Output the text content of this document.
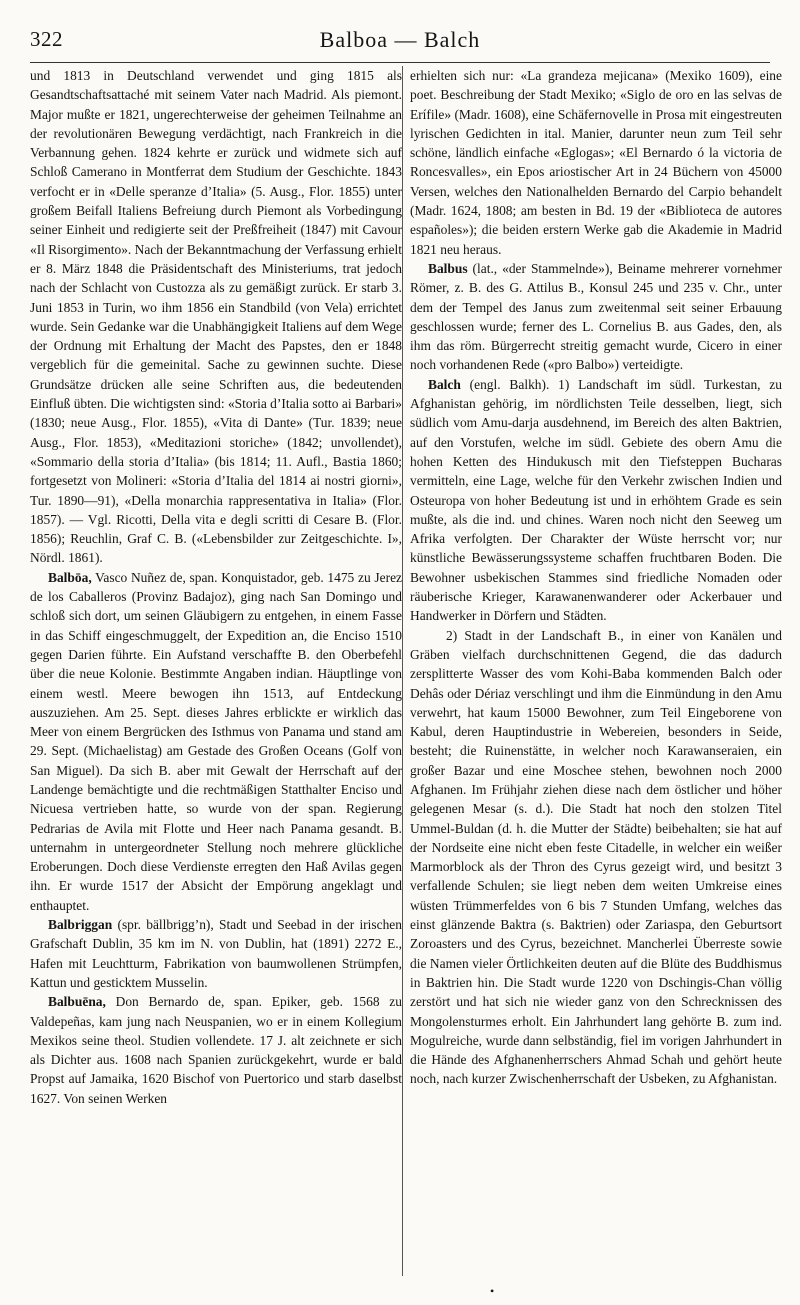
322	Balboa — Balch

und 1813 in Deutschland verwendet und ging 1815 als Gesandtschaftsattaché mit seinem Vater nach Madrid. Als piemont. Major mußte er 1821, ungerechterweise der geheimen Teilnahme an der revolutionären Bewegung verdächtigt, nach Frankreich in die Verbannung gehen. 1824 kehrte er zurück und widmete sich auf Schloß Camerano in Montferrat dem Studium der Geschichte. 1843 verfocht er in «Delle speranze d’Italia» (5. Ausg., Flor. 1855) unter großem Beifall Italiens Befreiung durch Piemont als Vorbedingung seiner Einheit und redigierte seit der Preßfreiheit (1847) mit Cavour «Il Risorgimento». Nach der Bekanntmachung der Verfassung erhielt er 8. März 1848 die Präsidentschaft des Ministeriums, trat jedoch nach der Schlacht von Custozza als zu gemäßigt zurück. Er starb 3. Juni 1853 in Turin, wo ihm 1856 ein Standbild (von Vela) errichtet wurde. Sein Gedanke war die Unabhängigkeit Italiens auf dem Wege der Ordnung mit Erhaltung der Macht des Papstes, den er 1848 vergeblich für die gemeinital. Sache zu gewinnen suchte. Diese Grundsätze drücken alle seine Schriften aus, die bedeutenden Einfluß übten. Die wichtigsten sind: «Storia d’Italia sotto ai Barbari» (1830; neue Ausg., Flor. 1855), «Vita di Dante» (Tur. 1839; neue Ausg., Flor. 1853), «Meditazioni storiche» (1842; unvollendet), «Sommario della storia d’Italia» (bis 1814; 11. Aufl., Bastia 1860; fortgesetzt von Molineri: «Storia d’Italia del 1814 ai nostri giorni», Tur. 1890—91), «Della monarchia rappresentativa in Italia» (Flor. 1857). — Vgl. Ricotti, Della vita e degli scritti di Cesare B. (Flor. 1856); Reuchlin, Graf C. B. («Lebensbilder zur Zeitgeschichte. I», Nördl. 1861).

Balbōa, Vasco Nuñez de, span. Konquistador, geb. 1475 zu Jerez de los Caballeros (Provinz Badajoz), ging nach San Domingo und schloß sich dort, um seinen Gläubigern zu entgehen, in einem Fasse in das Schiff eingeschmuggelt, der Expedition an, die Enciso 1510 gegen Darien führte. Ein Aufstand verschaffte B. den Oberbefehl über die neue Kolonie. Bestimmte Angaben indian. Häuptlinge von einem westl. Meere bewogen ihn 1513, auf Entdeckung auszuziehen. Am 25. Sept. dieses Jahres erblickte er wirklich das Meer von einem Bergrücken des Isthmus von Panama und stand am 29. Sept. (Michaelistag) am Gestade des Großen Oceans (Golf von San Miguel). Da sich B. aber mit Gewalt der Herrschaft auf der Landenge bemächtigte und die rechtmäßigen Statthalter Enciso und Nicuesa vertrieben hatte, so wurde von der span. Regierung Pedrarias de Avila mit Flotte und Heer nach Panama gesandt. B. unternahm in untergeordneter Stellung noch mehrere glückliche Eroberungen. Doch diese Verdienste erregten den Haß Avilas gegen ihn. Er wurde 1517 der Absicht der Empörung angeklagt und enthauptet.

Balbriggan (spr. bällbrigg’n), Stadt und Seebad in der irischen Grafschaft Dublin, 35 km im N. von Dublin, hat (1891) 2272 E., Hafen mit Leuchtturm, Fabrikation von baumwollenen Strümpfen, Kattun und gesticktem Musselin.

Balbuēna, Don Bernardo de, span. Epiker, geb. 1568 zu Valdepeñas, kam jung nach Neuspanien, wo er in einem Kollegium Mexikos seine theol. Studien vollendete. 17 J. alt zeichnete er sich als Dichter aus. 1608 nach Spanien zurückgekehrt, wurde er bald Propst auf Jamaika, 1620 Bischof von Puertorico und starb daselbst 1627. Von seinen Werken

erhielten sich nur: «La grandeza mejicana» (Mexiko 1609), eine poet. Beschreibung der Stadt Mexiko; «Siglo de oro en las selvas de Erífile» (Madr. 1608), eine Schäfernovelle in Prosa mit eingestreuten lyrischen Gedichten in ital. Manier, darunter neun zum Teil sehr schöne, ländlich einfache «Eglogas»; «El Bernardo ó la victoria de Roncesvalles», ein Epos ariostischer Art in 24 Büchern von 45000 Versen, welches den Nationalhelden Bernardo del Carpio behandelt (Madr. 1624, 1808; am besten in Bd. 19 der «Biblioteca de autores españoles»); die beiden erstern Werke gab die Akademie in Madrid 1821 neu heraus.

Balbus (lat., «der Stammelnde»), Beiname mehrerer vornehmer Römer, z. B. des G. Attilus B., Konsul 245 und 235 v. Chr., unter dem der Tempel des Janus zum zweitenmal seit seiner Erbauung geschlossen wurde; ferner des L. Cornelius B. aus Gades, den, als ihm das röm. Bürgerrecht streitig gemacht wurde, Cicero in einer noch vorhandenen Rede («pro Balbo») verteidigte.

Balch (engl. Balkh). 1) Landschaft im südl. Turkestan, zu Afghanistan gehörig, im nördlichsten Teile desselben, liegt, sich südlich vom Amu-darja ausdehnend, im Bereich des alten Baktrien, auf den Vorstufen, welche im südl. Gebiete des obern Amu die hohen Ketten des Hindukusch mit den Tiefsteppen Bucharas vermitteln, eine Lage, welche für den Verkehr zwischen Indien und Osteuropa von hoher Bedeutung ist und in erhöhtem Grade es sein mußte, als die ind. und chines. Waren noch nicht den Seeweg um Afrika verfolgten. Der Charakter der Wüste herrscht vor; nur künstliche Bewässerungssysteme schaffen fruchtbaren Boden. Die Bewohner usbekischen Stammes sind friedliche Nomaden oder räuberische Krieger, Karawanenwanderer oder Ackerbauer und Handwerker in Dörfern und Städten.

2) Stadt in der Landschaft B., in einer von Kanälen und Gräben vielfach durchschnittenen Gegend, die das dadurch zersplitterte Wasser des vom Kohi-Baba kommenden Balch oder Dehâs oder Dériaz verschlingt und ihm die Einmündung in den Amu verwehrt, hat kaum 15000 Bewohner, zum Teil Eingeborene von Kabul, deren Hauptindustrie in Webereien, besonders in Seide, besteht; die Ruinenstätte, in welcher noch Karawanseraien, ein großer Bazar und eine Moschee stehen, bewohnen noch 2000 Afghanen. Im Frühjahr ziehen diese nach dem östlicher und höher gelegenen Mesar (s. d.). Die Stadt hat noch den stolzen Titel Ummel-Buldan (d. h. die Mutter der Städte) beibehalten; sie hat auf der Nordseite eine nicht eben feste Citadelle, in welcher ein weißer Marmorblock als der Thron des Cyrus gezeigt wird, und besitzt 3 verfallende Schulen; sie liegt neben dem weiten Umkreise eines wüsten Trümmerfeldes von 6 bis 7 Stunden Umfang, welches das einst glänzende Baktra (s. Baktrien) oder Zariaspa, den Geburtsort Zoroasters und des Cyrus, bezeichnet. Mancherlei Überreste sowie die Namen vieler Örtlichkeiten deuten auf die Blüte des Buddhismus in Baktrien hin. Die Stadt wurde 1220 von Dschingis-Chan völlig zerstört und hat sich nie wieder ganz von den Schrecknissen des Mongolensturmes erholt. Ein Jahrhundert lang gehörte B. zum ind. Mogulreiche, wurde dann selbständig, fiel im vorigen Jahrhundert in die Hände des Afghanenherrschers Ahmad Schah und gehört heute noch, nach kurzer Zwischenherrschaft der Usbeken, zu Afghanistan.

•
